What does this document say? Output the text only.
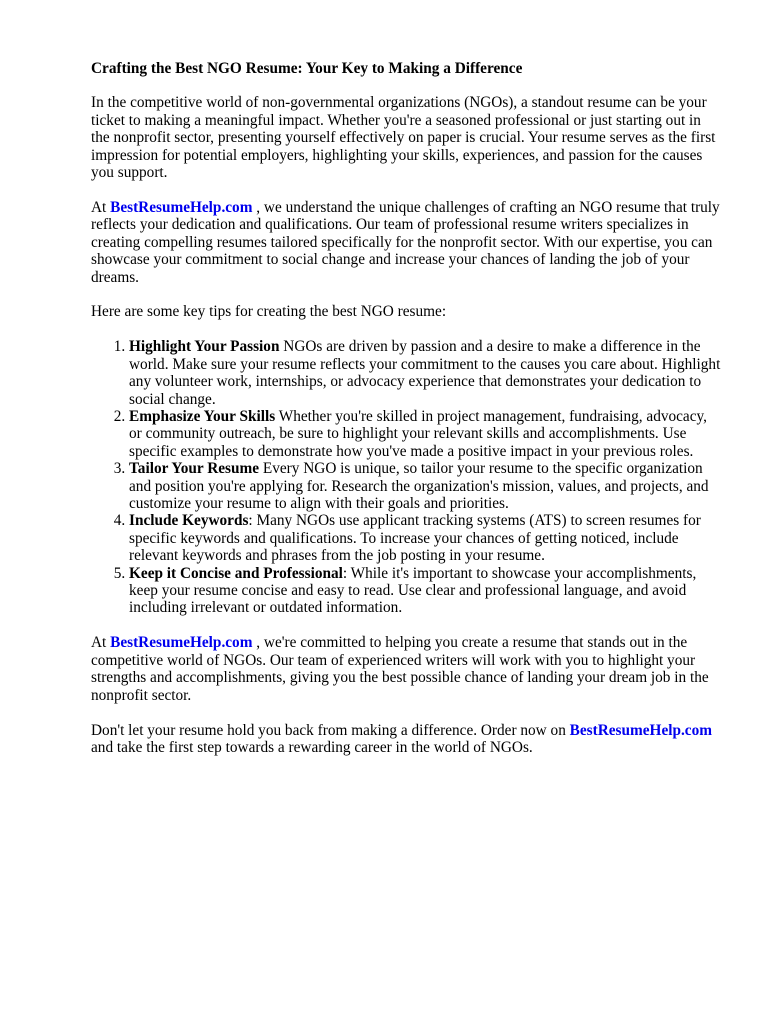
Crafting the Best NGO Resume: Your Key to Making a Difference

In the competitive world of non-governmental organizations (NGOs), a standout resume can be your ticket to making a meaningful impact. Whether you're a seasoned professional or just starting out in the nonprofit sector, presenting yourself effectively on paper is crucial. Your resume serves as the first impression for potential employers, highlighting your skills, experiences, and passion for the causes you support.

At BestResumeHelp.com , we understand the unique challenges of crafting an NGO resume that truly reflects your dedication and qualifications. Our team of professional resume writers specializes in creating compelling resumes tailored specifically for the nonprofit sector. With our expertise, you can showcase your commitment to social change and increase your chances of landing the job of your dreams.

Here are some key tips for creating the best NGO resume:

1. Highlight Your Passion NGOs are driven by passion and a desire to make a difference in the world. Make sure your resume reflects your commitment to the causes you care about. Highlight any volunteer work, internships, or advocacy experience that demonstrates your dedication to social change.
2. Emphasize Your Skills Whether you're skilled in project management, fundraising, advocacy, or community outreach, be sure to highlight your relevant skills and accomplishments. Use specific examples to demonstrate how you've made a positive impact in your previous roles.
3. Tailor Your Resume Every NGO is unique, so tailor your resume to the specific organization and position you're applying for. Research the organization's mission, values, and projects, and customize your resume to align with their goals and priorities.
4. Include Keywords: Many NGOs use applicant tracking systems (ATS) to screen resumes for specific keywords and qualifications. To increase your chances of getting noticed, include relevant keywords and phrases from the job posting in your resume.
5. Keep it Concise and Professional: While it's important to showcase your accomplishments, keep your resume concise and easy to read. Use clear and professional language, and avoid including irrelevant or outdated information.

At BestResumeHelp.com , we're committed to helping you create a resume that stands out in the competitive world of NGOs. Our team of experienced writers will work with you to highlight your strengths and accomplishments, giving you the best possible chance of landing your dream job in the nonprofit sector.

Don't let your resume hold you back from making a difference. Order now on BestResumeHelp.com and take the first step towards a rewarding career in the world of NGOs.
